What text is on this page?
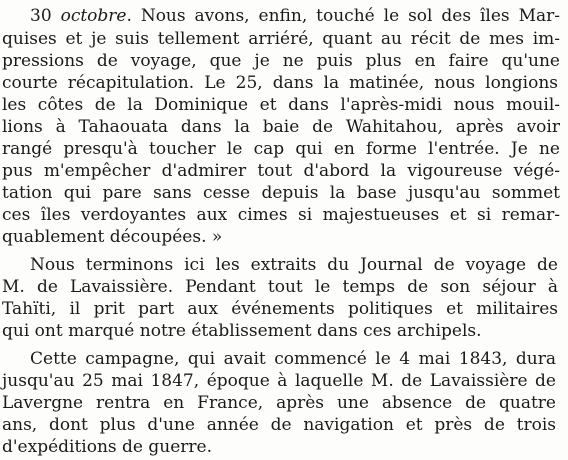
30 octobre. Nous avons, enfin, touché le sol des îles Mar-
quises et je suis tellement arriéré, quant au récit de mes im-
pressions de voyage, que je ne puis plus en faire qu'une
courte récapitulation. Le 25, dans la matinée, nous longions
les côtes de la Dominique et dans l'après-midi nous mouil-
lions à Tahaouata dans la baie de Wahitahou, après avoir
rangé presqu'à toucher le cap qui en forme l'entrée. Je ne
pus m'empêcher d'admirer tout d'abord la vigoureuse végé-
tation qui pare sans cesse depuis la base jusqu'au sommet
ces îles verdoyantes aux cimes si majestueuses et si remar-
quablement découpées. »
Nous terminons ici les extraits du Journal de voyage de
M. de Lavaissière. Pendant tout le temps de son séjour à
Tahïti, il prit part aux événements politiques et militaires
qui ont marqué notre établissement dans ces archipels.
Cette campagne, qui avait commencé le 4 mai 1843, dura
jusqu'au 25 mai 1847, époque à laquelle M. de Lavaissière de
Lavergne rentra en France, après une absence de quatre
ans, dont plus d'une année de navigation et près de trois
d'expéditions de guerre.
